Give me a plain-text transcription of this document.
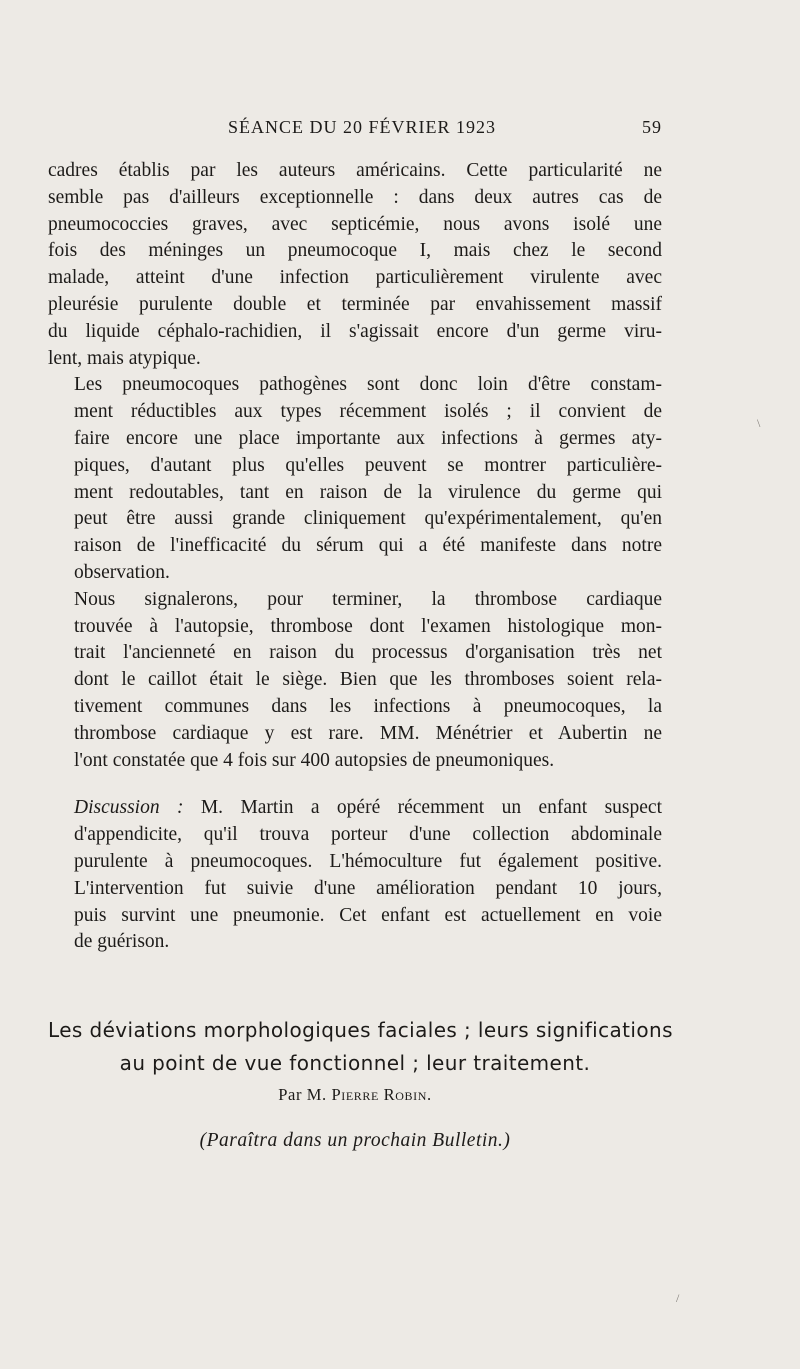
SÉANCE DU 20 FÉVRIER 1923	59

cadres établis par les auteurs américains. Cette particularité ne
semble pas d'ailleurs exceptionnelle : dans deux autres cas de
pneumococcies graves, avec septicémie, nous avons isolé une
fois des méninges un pneumocoque I, mais chez le second
malade, atteint d'une infection particulièrement virulente avec
pleurésie purulente double et terminée par envahissement massif
du liquide céphalo-rachidien, il s'agissait encore d'un germe viru-
lent, mais atypique.

Les pneumocoques pathogènes sont donc loin d'être constam-
ment réductibles aux types récemment isolés ; il convient de
faire encore une place importante aux infections à germes aty-
piques, d'autant plus qu'elles peuvent se montrer particulière-
ment redoutables, tant en raison de la virulence du germe qui
peut être aussi grande cliniquement qu'expérimentalement, qu'en
raison de l'inefficacité du sérum qui a été manifeste dans notre
observation.

Nous signalerons, pour terminer, la thrombose cardiaque
trouvée à l'autopsie, thrombose dont l'examen histologique mon-
trait l'ancienneté en raison du processus d'organisation très net
dont le caillot était le siège. Bien que les thromboses soient rela-
tivement communes dans les infections à pneumocoques, la
thrombose cardiaque y est rare. MM. Ménétrier et Aubertin ne
l'ont constatée que 4 fois sur 400 autopsies de pneumoniques.

Discussion : M. Martin a opéré récemment un enfant suspect
d'appendicite, qu'il trouva porteur d'une collection abdominale
purulente à pneumocoques. L'hémoculture fut également positive.
L'intervention fut suivie d'une amélioration pendant 10 jours,
puis survint une pneumonie. Cet enfant est actuellement en voie
de guérison.

Les déviations morphologiques faciales ; leurs significations
au point de vue fonctionnel ; leur traitement.
Par M. Pierre Robin.
(Paraîtra dans un prochain Bulletin.)
\
/
